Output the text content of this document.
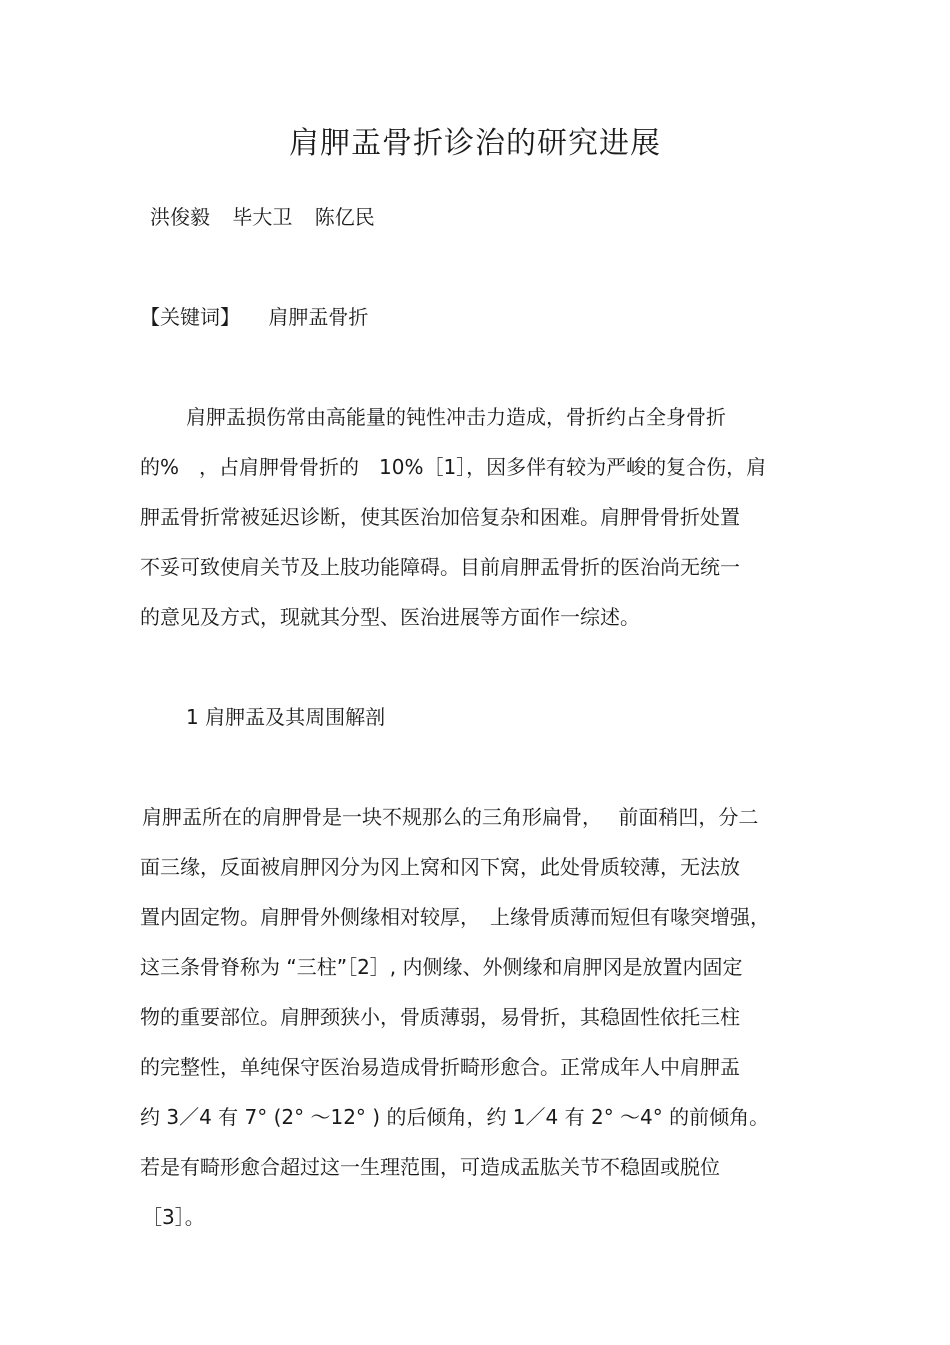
肩胛盂骨折诊治的研究进展
洪俊毅 毕大卫 陈亿民
【关键词】 肩胛盂骨折
肩胛盂损伤常由高能量的钝性冲击力造成，骨折约占全身骨折
的%　，占肩胛骨骨折的　10%［1］，因多伴有较为严峻的复合伤，肩
胛盂骨折常被延迟诊断，使其医治加倍复杂和困难。肩胛骨骨折处置
不妥可致使肩关节及上肢功能障碍。目前肩胛盂骨折的医治尚无统一
的意见及方式，现就其分型、医治进展等方面作一综述。
1 肩胛盂及其周围解剖
肩胛盂所在的肩胛骨是一块不规那么的三角形扁骨，　 前面稍凹，分二
面三缘，反面被肩胛冈分为冈上窝和冈下窝，此处骨质较薄，无法放
置内固定物。肩胛骨外侧缘相对较厚，　上缘骨质薄而短但有喙突增强，
这三条骨脊称为 “三柱”［2］, 内侧缘、外侧缘和肩胛冈是放置内固定
物的重要部位。肩胛颈狭小，骨质薄弱，易骨折，其稳固性依托三柱
的完整性，单纯保守医治易造成骨折畸形愈合。正常成年人中肩胛盂
约 3／4 有 7° (2° ～12° ) 的后倾角，约 1／4 有 2° ～4° 的前倾角。
若是有畸形愈合超过这一生理范围，可造成盂肱关节不稳固或脱位
［3］。
